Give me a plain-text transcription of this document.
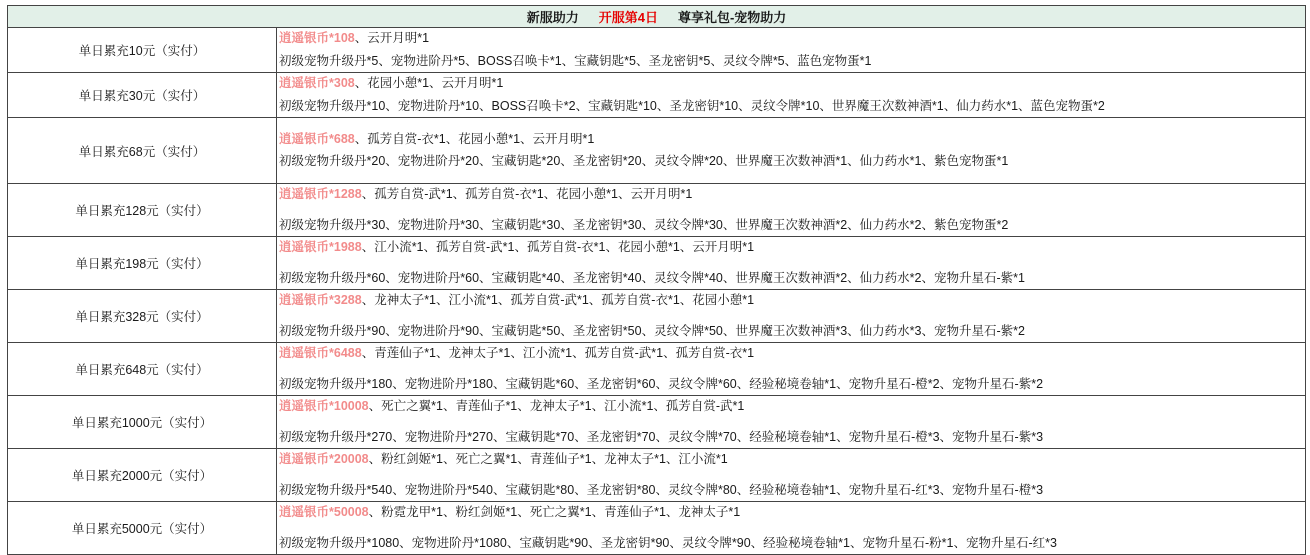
新服助力	开服第4日	尊享礼包-宠物助力
单日累充10元（实付）
逍遥银币*108、云开月明*1
初级宠物升级丹*5、宠物进阶丹*5、BOSS召唤卡*1、宝藏钥匙*5、圣龙密钥*5、灵纹令牌*5、蓝色宠物蛋*1
单日累充30元（实付）
逍遥银币*308、花园小憩*1、云开月明*1
初级宠物升级丹*10、宠物进阶丹*10、BOSS召唤卡*2、宝藏钥匙*10、圣龙密钥*10、灵纹令牌*10、世界魔王次数神酒*1、仙力药水*1、蓝色宠物蛋*2
单日累充68元（实付）
逍遥银币*688、孤芳自赏-衣*1、花园小憩*1、云开月明*1
初级宠物升级丹*20、宠物进阶丹*20、宝藏钥匙*20、圣龙密钥*20、灵纹令牌*20、世界魔王次数神酒*1、仙力药水*1、紫色宠物蛋*1
单日累充128元（实付）
逍遥银币*1288、孤芳自赏-武*1、孤芳自赏-衣*1、花园小憩*1、云开月明*1
初级宠物升级丹*30、宠物进阶丹*30、宝藏钥匙*30、圣龙密钥*30、灵纹令牌*30、世界魔王次数神酒*2、仙力药水*2、紫色宠物蛋*2
单日累充198元（实付）
逍遥银币*1988、江小流*1、孤芳自赏-武*1、孤芳自赏-衣*1、花园小憩*1、云开月明*1
初级宠物升级丹*60、宠物进阶丹*60、宝藏钥匙*40、圣龙密钥*40、灵纹令牌*40、世界魔王次数神酒*2、仙力药水*2、宠物升星石-紫*1
单日累充328元（实付）
逍遥银币*3288、龙神太子*1、江小流*1、孤芳自赏-武*1、孤芳自赏-衣*1、花园小憩*1
初级宠物升级丹*90、宠物进阶丹*90、宝藏钥匙*50、圣龙密钥*50、灵纹令牌*50、世界魔王次数神酒*3、仙力药水*3、宠物升星石-紫*2
单日累充648元（实付）
逍遥银币*6488、青莲仙子*1、龙神太子*1、江小流*1、孤芳自赏-武*1、孤芳自赏-衣*1
初级宠物升级丹*180、宠物进阶丹*180、宝藏钥匙*60、圣龙密钥*60、灵纹令牌*60、经验秘境卷轴*1、宠物升星石-橙*2、宠物升星石-紫*2
单日累充1000元（实付）
逍遥银币*10008、死亡之翼*1、青莲仙子*1、龙神太子*1、江小流*1、孤芳自赏-武*1
初级宠物升级丹*270、宠物进阶丹*270、宝藏钥匙*70、圣龙密钥*70、灵纹令牌*70、经验秘境卷轴*1、宠物升星石-橙*3、宠物升星石-紫*3
单日累充2000元（实付）
逍遥银币*20008、粉红剑姬*1、死亡之翼*1、青莲仙子*1、龙神太子*1、江小流*1
初级宠物升级丹*540、宠物进阶丹*540、宝藏钥匙*80、圣龙密钥*80、灵纹令牌*80、经验秘境卷轴*1、宠物升星石-红*3、宠物升星石-橙*3
单日累充5000元（实付）
逍遥银币*50008、粉霓龙甲*1、粉红剑姬*1、死亡之翼*1、青莲仙子*1、龙神太子*1
初级宠物升级丹*1080、宠物进阶丹*1080、宝藏钥匙*90、圣龙密钥*90、灵纹令牌*90、经验秘境卷轴*1、宠物升星石-粉*1、宠物升星石-红*3
